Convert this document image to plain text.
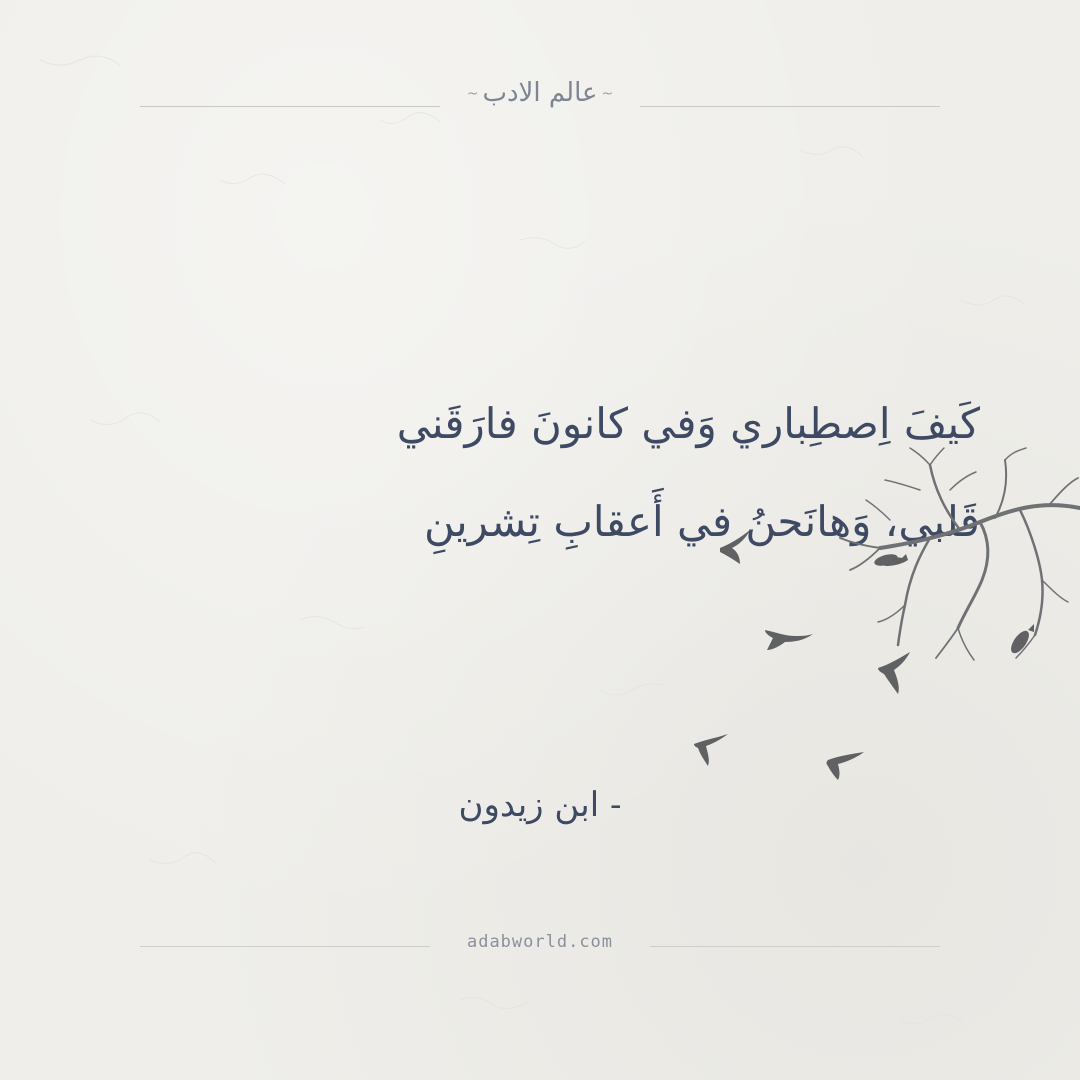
~عالم الادب~
كَيفَ اِصطِباري وَفي كانونَ فارَقَني
قَلبي، وَهانَحنُ في أَعقابِ تِشرينِ
- ابن زيدون
adabworld.com
